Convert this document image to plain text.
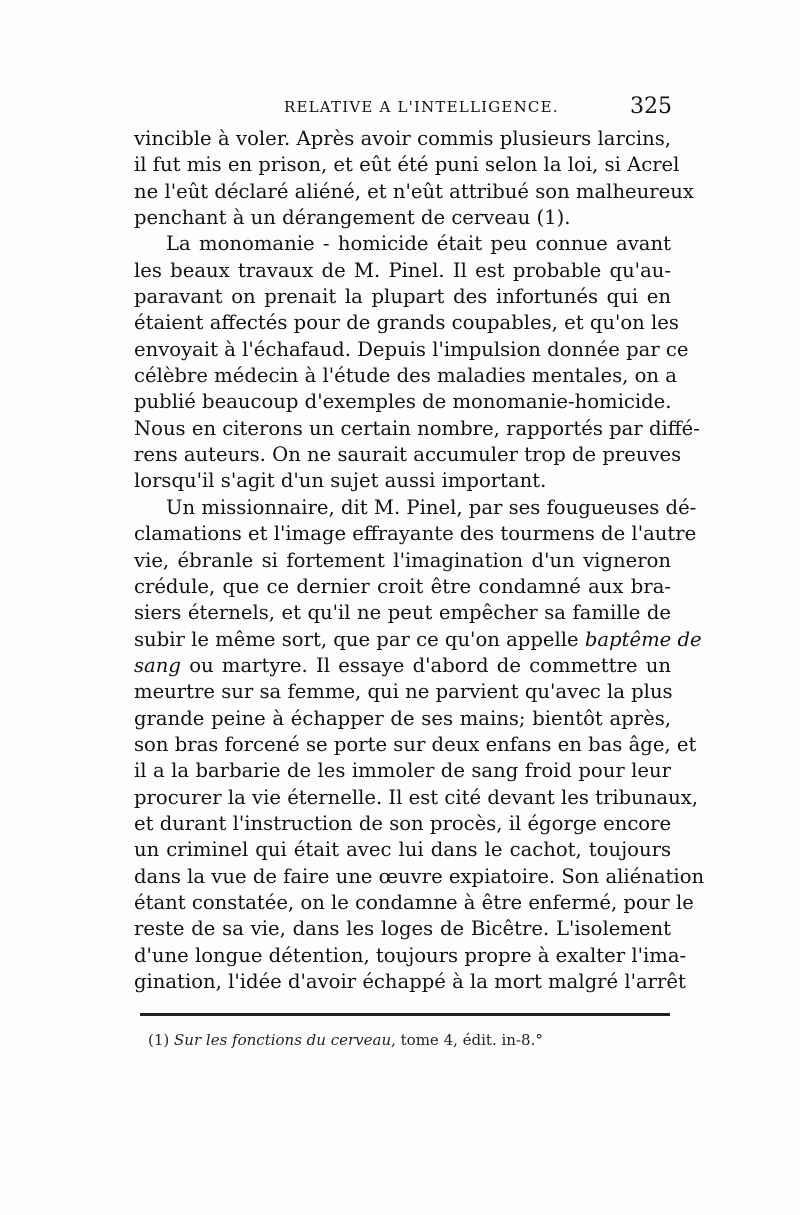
RELATIVE A L'INTELLIGENCE.	325
vincible à voler. Après avoir commis plusieurs larcins,
il fut mis en prison, et eût été puni selon la loi, si Acrel
ne l'eût déclaré aliéné, et n'eût attribué son malheureux
penchant à un dérangement de cerveau (1).
La monomanie - homicide était peu connue avant
les beaux travaux de M. Pinel. Il est probable qu'au-
paravant on prenait la plupart des infortunés qui en
étaient affectés pour de grands coupables, et qu'on les
envoyait à l'échafaud. Depuis l'impulsion donnée par ce
célèbre médecin à l'étude des maladies mentales, on a
publié beaucoup d'exemples de monomanie-homicide.
Nous en citerons un certain nombre, rapportés par diffé-
rens auteurs. On ne saurait accumuler trop de preuves
lorsqu'il s'agit d'un sujet aussi important.
Un missionnaire, dit M. Pinel, par ses fougueuses dé-
clamations et l'image effrayante des tourmens de l'autre
vie, ébranle si fortement l'imagination d'un vigneron
crédule, que ce dernier croit être condamné aux bra-
siers éternels, et qu'il ne peut empêcher sa famille de
subir le même sort, que par ce qu'on appelle baptême de
sang ou martyre. Il essaye d'abord de commettre un
meurtre sur sa femme, qui ne parvient qu'avec la plus
grande peine à échapper de ses mains; bientôt après,
son bras forcené se porte sur deux enfans en bas âge, et
il a la barbarie de les immoler de sang froid pour leur
procurer la vie éternelle. Il est cité devant les tribunaux,
et durant l'instruction de son procès, il égorge encore
un criminel qui était avec lui dans le cachot, toujours
dans la vue de faire une œuvre expiatoire. Son aliénation
étant constatée, on le condamne à être enfermé, pour le
reste de sa vie, dans les loges de Bicêtre. L'isolement
d'une longue détention, toujours propre à exalter l'ima-
gination, l'idée d'avoir échappé à la mort malgré l'arrêt
(1) Sur les fonctions du cerveau, tome 4, édit. in-8.°
